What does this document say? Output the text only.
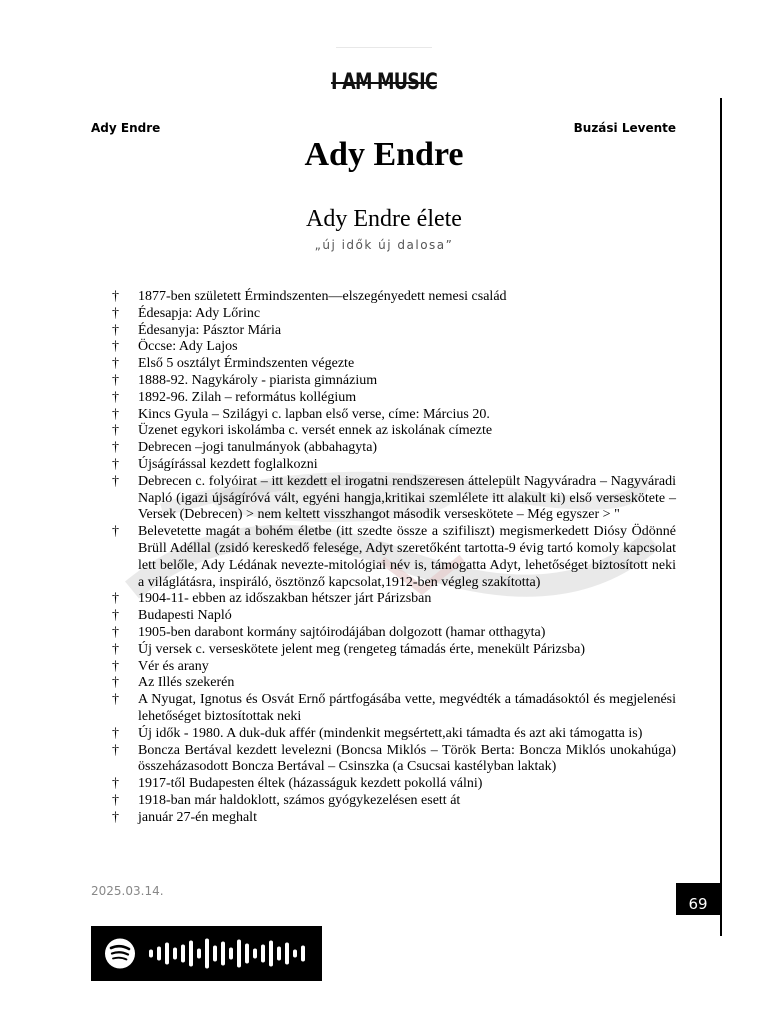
I AM MUSIC
Ady Endre	Buzási Levente
Ady Endre
Ady Endre élete
„új idők új dalosa”
†	1877-ben született Érmindszenten—elszegényedett nemesi család
†	Édesapja: Ady Lőrinc
†	Édesanyja: Pásztor Mária
†	Öccse: Ady Lajos
†	Első 5 osztályt Érmindszenten végezte
†	1888-92. Nagykároly - piarista gimnázium
†	1892-96. Zilah – református kollégium
†	Kincs Gyula – Szilágyi c. lapban első verse, címe: Március 20.
†	Üzenet egykori iskolámba c. versét ennek az iskolának címezte
†	Debrecen –jogi tanulmányok (abbahagyta)
†	Újságírással kezdett foglalkozni
†	Debrecen c. folyóirat – itt kezdett el irogatni rendszeresen áttelepült Nagyváradra – Nagyváradi Napló (igazi újságíróvá vált, egyéni hangja,kritikai szemlélete itt alakult ki) első verseskötete – Versek (Debrecen) > nem keltett visszhangot második verseskötete – Még egyszer > "
†	Belevetette magát a bohém életbe (itt szedte össze a szifiliszt) megismerkedett Diósy Ödönné Brüll Adéllal (zsidó kereskedő felesége, Adyt szeretőként tartotta-9 évig tartó komoly kapcsolat lett belőle, Ady Lédának nevezte-mitológiai név is, támogatta Adyt, lehetőséget biztosított neki a világlátásra, inspiráló, ösztönző kapcsolat,1912-ben végleg szakította)
†	1904-11- ebben az időszakban hétszer járt Párizsban
†	Budapesti Napló
†	1905-ben darabont kormány sajtóirodájában dolgozott (hamar otthagyta)
†	Új versek c. verseskötete jelent meg (rengeteg támadás érte, menekült Párizsba)
†	Vér és arany
†	Az Illés szekerén
†	A Nyugat, Ignotus és Osvát Ernő pártfogásába vette, megvédték a támadásoktól és megjelenési lehetőséget biztosítottak neki
†	Új idők - 1980. A duk-duk affér (mindenkit megsértett,aki támadta és azt aki támogatta is)
†	Boncza Bertával kezdett levelezni (Boncsa Miklós – Török Berta: Boncza Miklós unokahúga) összeházasodott Boncza Bertával – Csinszka (a Csucsai kastélyban laktak)
†	1917-től Budapesten éltek (házasságuk kezdett pokollá válni)
†	1918-ban már haldoklott, számos gyógykezelésen esett át
†	január 27-én meghalt
2025.03.14.
69
